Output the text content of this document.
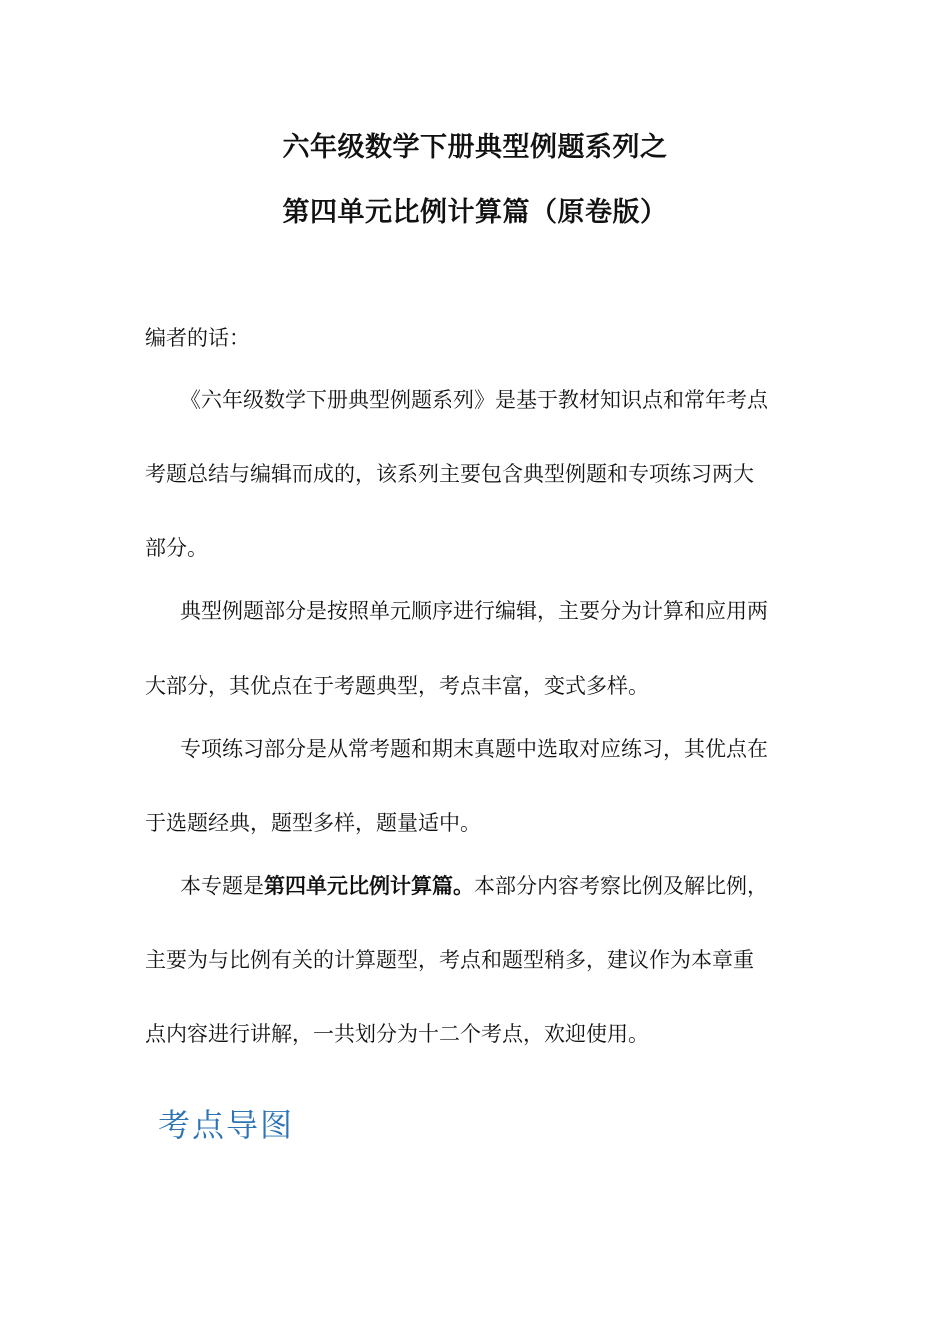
六年级数学下册典型例题系列之
第四单元比例计算篇（原卷版）
编者的话：
《六年级数学下册典型例题系列》是基于教材知识点和常年考点
考题总结与编辑而成的，该系列主要包含典型例题和专项练习两大
部分。
典型例题部分是按照单元顺序进行编辑，主要分为计算和应用两
大部分，其优点在于考题典型，考点丰富，变式多样。
专项练习部分是从常考题和期末真题中选取对应练习，其优点在
于选题经典，题型多样，题量适中。
本专题是第四单元比例计算篇。本部分内容考察比例及解比例，
主要为与比例有关的计算题型，考点和题型稍多，建议作为本章重
点内容进行讲解，一共划分为十二个考点，欢迎使用。
考点导图
